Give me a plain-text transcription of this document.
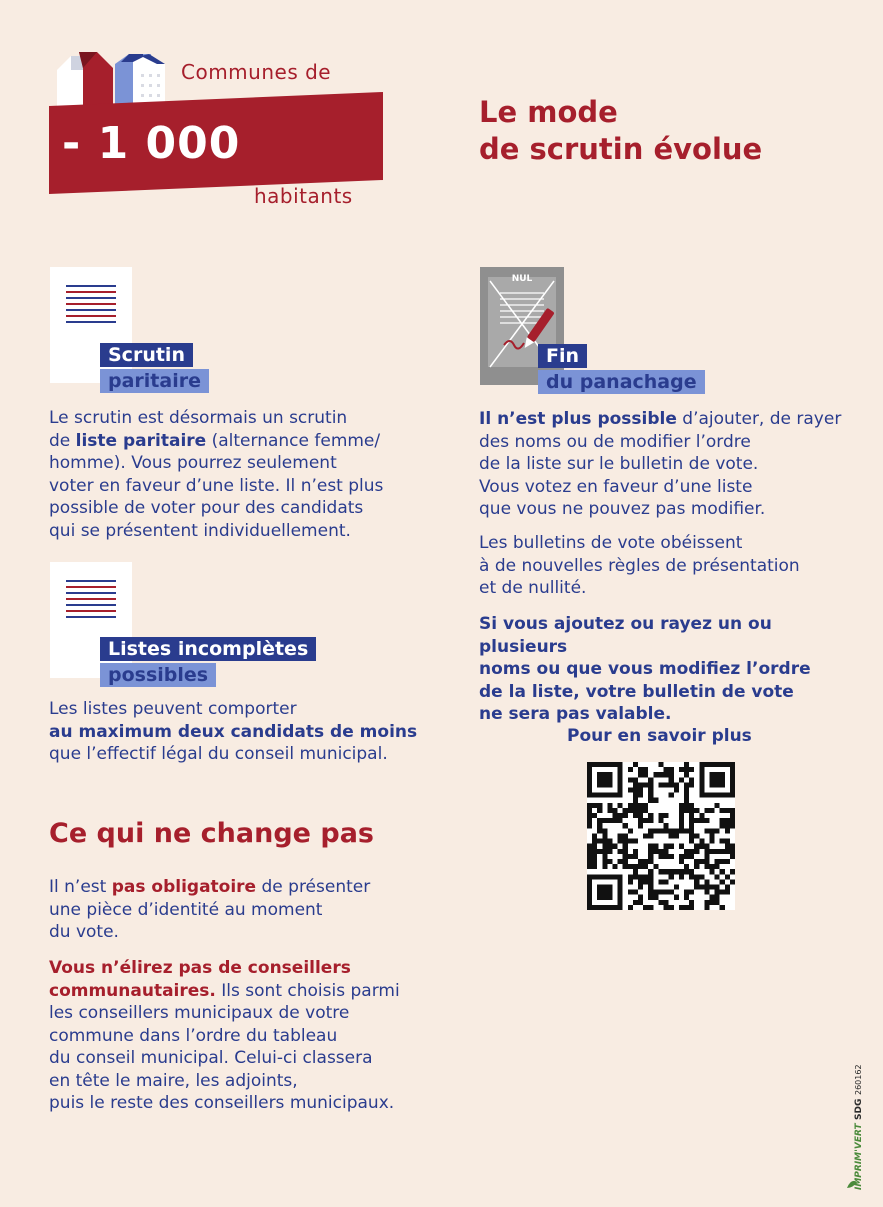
Communes de
- 1 000
habitants
Le mode
de scrutin évolue
Scrutin
paritaire

Le scrutin est désormais un scrutin
de liste paritaire (alternance femme/
homme). Vous pourrez seulement
voter en faveur d’une liste. Il n’est plus
possible de voter pour des candidats
qui se présentent individuellement.

Listes incomplètes
possibles

Les listes peuvent comporter
au maximum deux candidats de moins
que l’effectif légal du conseil municipal.

NUL
Fin
du panachage

Il n’est plus possible d’ajouter, de rayer
des noms ou de modifier l’ordre
de la liste sur le bulletin de vote.
Vous votez en faveur d’une liste
que vous ne pouvez pas modifier.

Les bulletins de vote obéissent
à de nouvelles règles de présentation
et de nullité.

Si vous ajoutez ou rayez un ou plusieurs
noms ou que vous modifiez l’ordre
de la liste, votre bulletin de vote
ne sera pas valable.

Pour en savoir plus
Ce qui ne change pas

Il n’est pas obligatoire de présenter
une pièce d’identité au moment
du vote.

Vous n’élirez pas de conseillers
communautaires. Ils sont choisis parmi
les conseillers municipaux de votre
commune dans l’ordre du tableau
du conseil municipal. Celui-ci classera
en tête le maire, les adjoints,
puis le reste des conseillers municipaux.

IMPRIM'VERT
SDG
260162
